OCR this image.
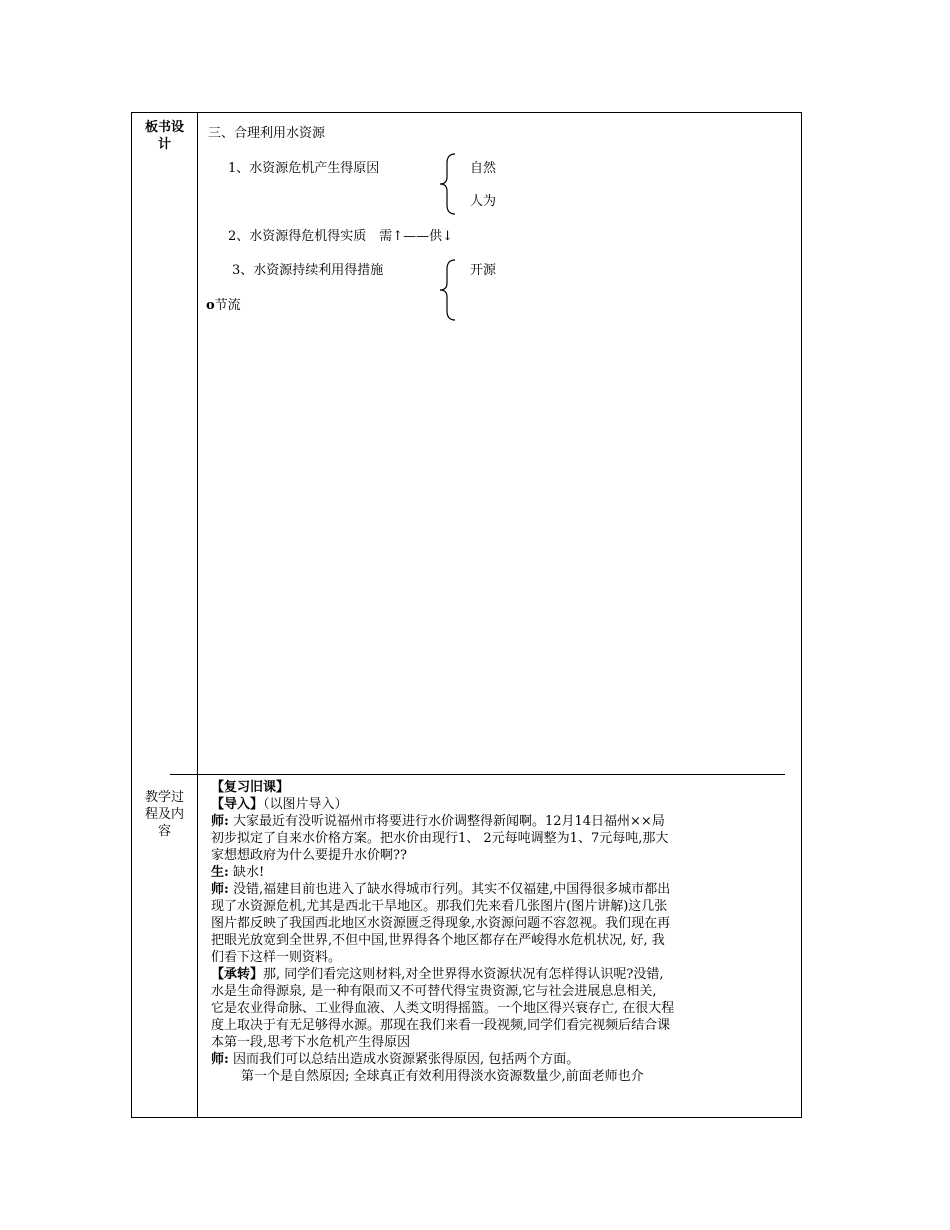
板书设
计
三、合理利用水资源
1、水资源危机产生得原因	自然
人为
2、水资源得危机得实质　需↑——供↓
3、水资源持续利用得措施	开源
o节流
教学过
程及内
容

【复习旧课】

【导入】（以图片导入）

师: 大家最近有没听说福州市将要进行水价调整得新闻啊。12月14日福州××局

初步拟定了自来水价格方案。把水价由现行1、 2元每吨调整为1、7元每吨,那大

家想想政府为什么要提升水价啊??

生: 缺水!

师: 没错,福建目前也进入了缺水得城市行列。其实不仅福建,中国得很多城市都出

现了水资源危机,尤其是西北干旱地区。那我们先来看几张图片(图片讲解)这几张

图片都反映了我国西北地区水资源匮乏得现象,水资源问题不容忽视。我们现在再

把眼光放宽到全世界,不但中国,世界得各个地区都存在严峻得水危机状况, 好, 我

们看下这样一则资料。

【承转】那, 同学们看完这则材料,对全世界得水资源状况有怎样得认识呢?没错,

水是生命得源泉, 是一种有限而又不可替代得宝贵资源,它与社会进展息息相关,

它是农业得命脉、工业得血液、人类文明得摇篮。一个地区得兴衰存亡, 在很大程

度上取决于有无足够得水源。那现在我们来看一段视频,同学们看完视频后结合课

本第一段,思考下水危机产生得原因

师: 因而我们可以总结出造成水资源紧张得原因, 包括两个方面。

第一个是自然原因; 全球真正有效利用得淡水资源数量少,前面老师也介
